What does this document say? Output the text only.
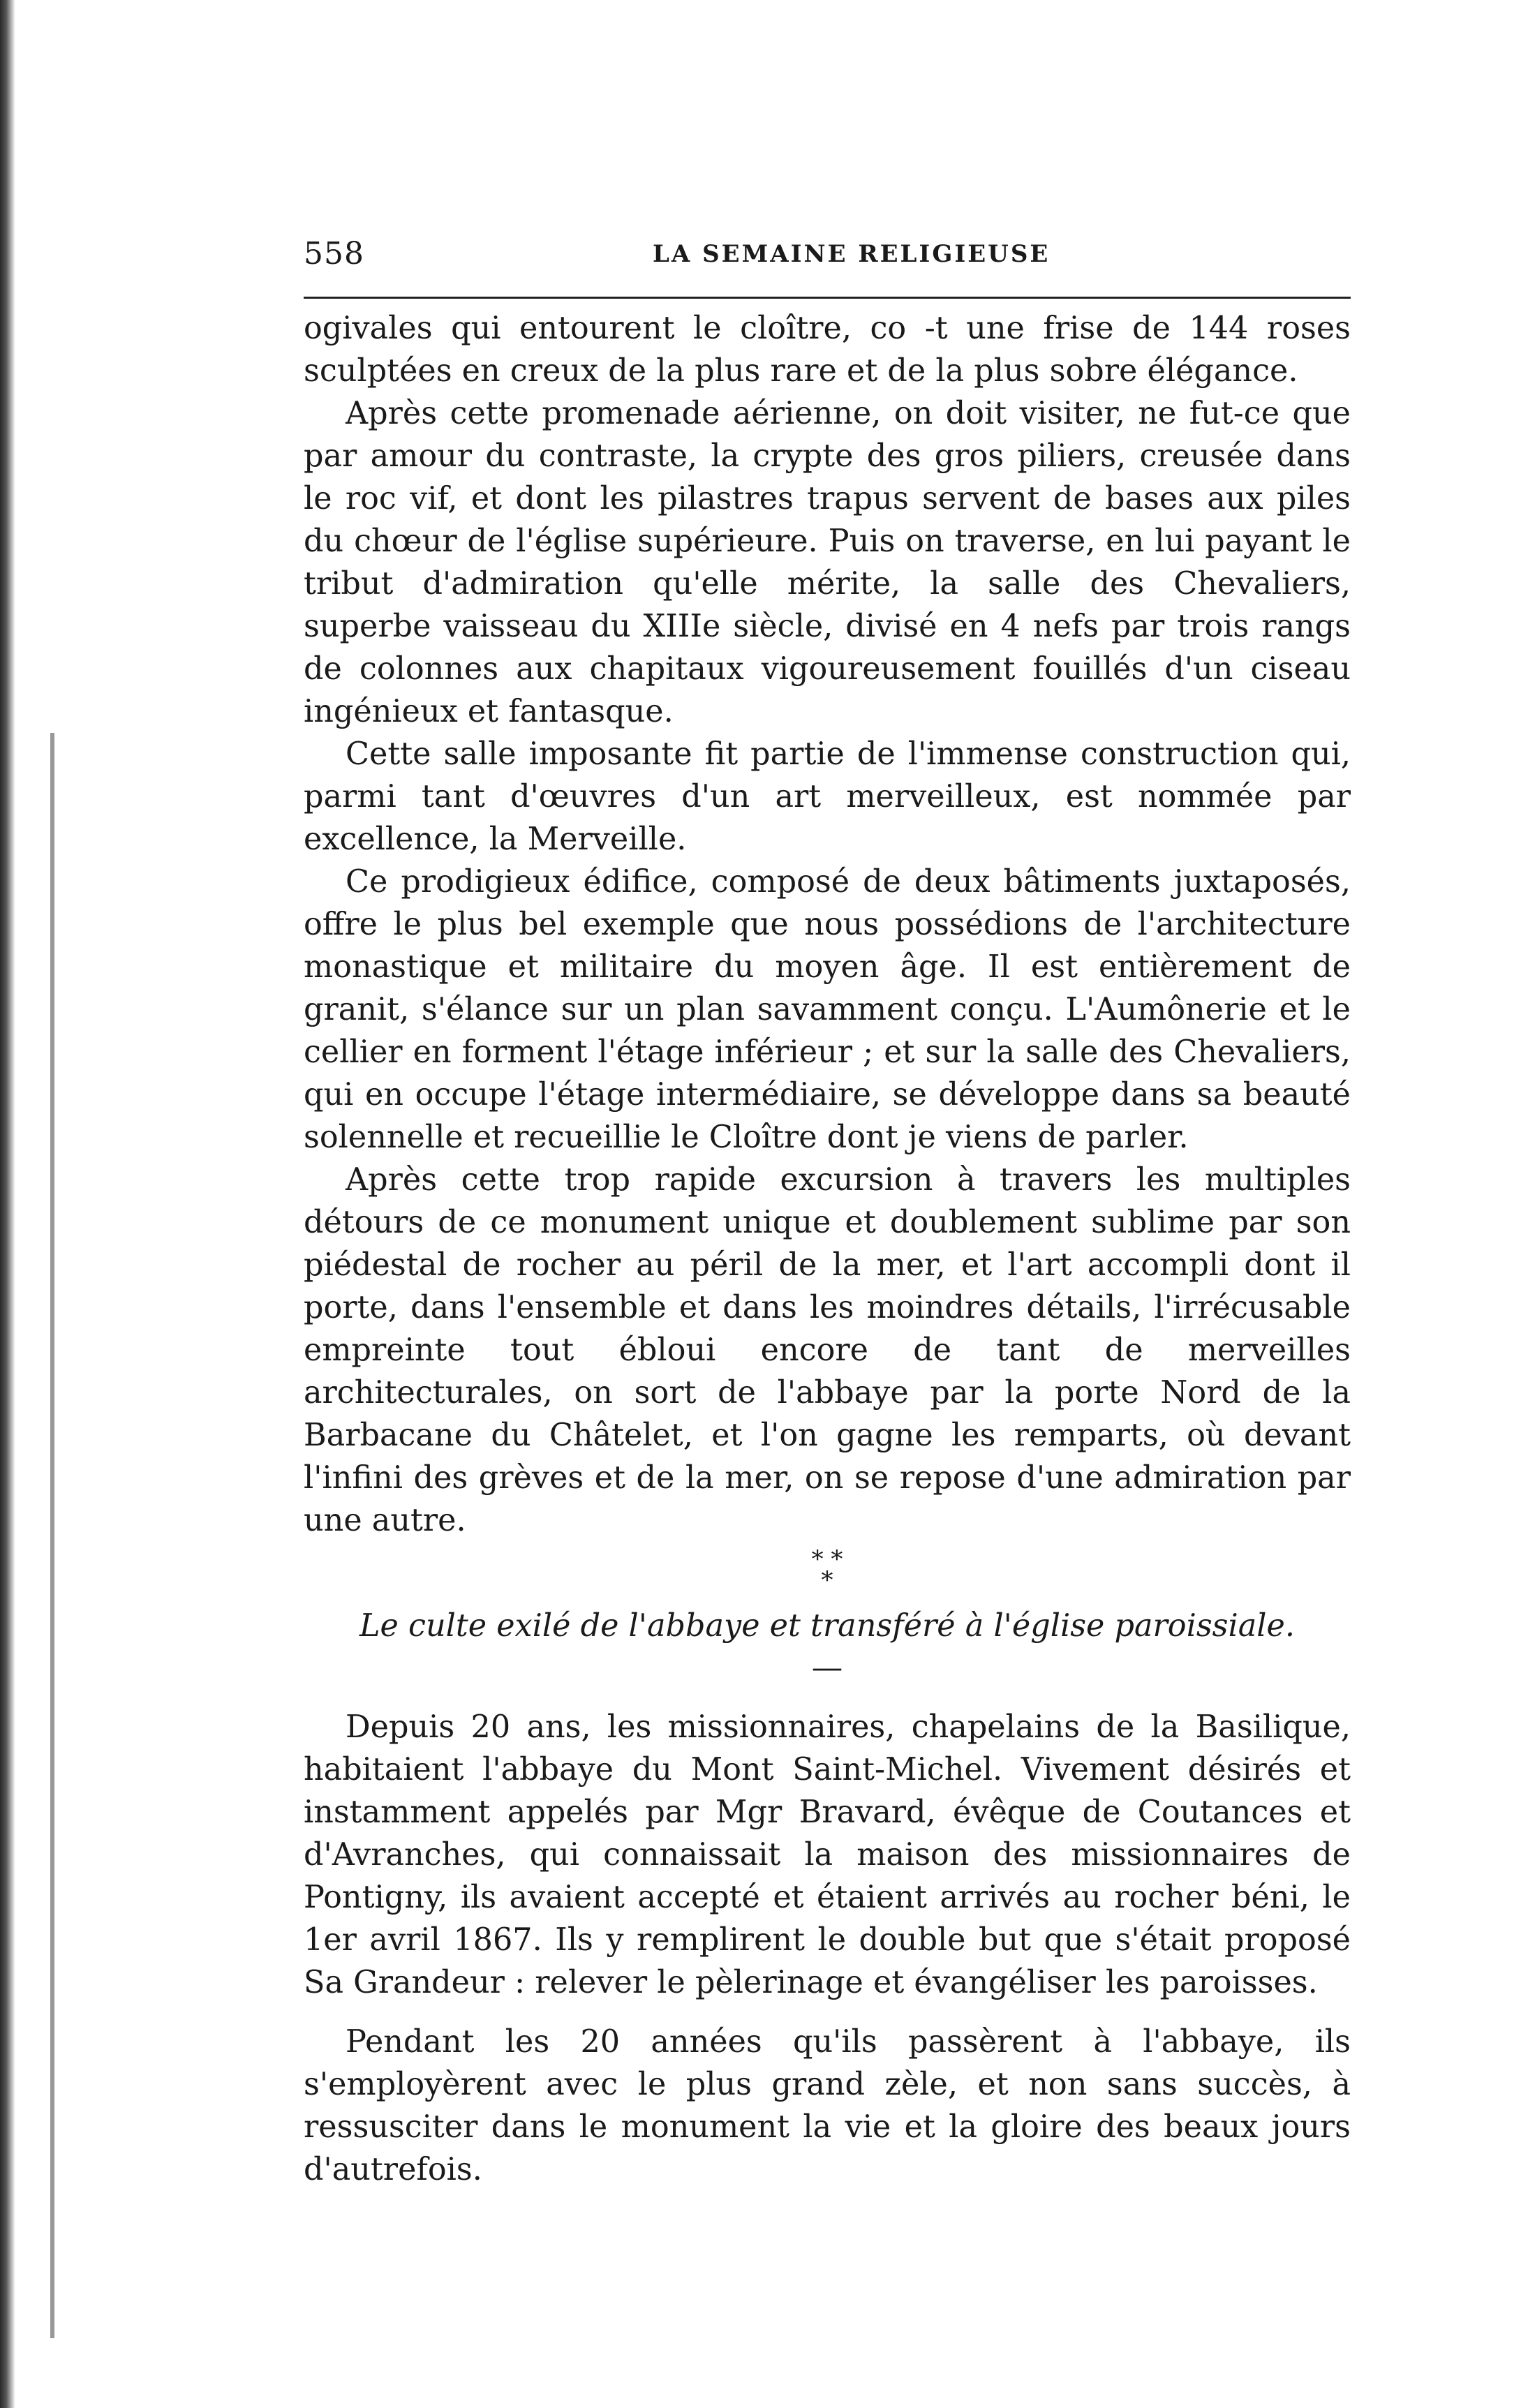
558	LA SEMAINE RELIGIEUSE

ogivales qui entourent le cloître, co -t une frise de 144 roses sculptées en creux de la plus rare et de la plus sobre élégance.

Après cette promenade aérienne, on doit visiter, ne fut-ce que par amour du contraste, la crypte des gros piliers, creusée dans le roc vif, et dont les pilastres trapus servent de bases aux piles du chœur de l'église supérieure. Puis on traverse, en lui payant le tribut d'admiration qu'elle mérite, la salle des Chevaliers, superbe vaisseau du XIIIe siècle, divisé en 4 nefs par trois rangs de colonnes aux chapitaux vigoureusement fouillés d'un ciseau ingénieux et fantasque.

Cette salle imposante fit partie de l'immense construction qui, parmi tant d'œuvres d'un art merveilleux, est nommée par excellence, la Merveille.

Ce prodigieux édifice, composé de deux bâtiments juxtaposés, offre le plus bel exemple que nous possédions de l'architecture monastique et militaire du moyen âge. Il est entièrement de granit, s'élance sur un plan savamment conçu. L'Aumônerie et le cellier en forment l'étage inférieur ; et sur la salle des Chevaliers, qui en occupe l'étage intermédiaire, se développe dans sa beauté solennelle et recueillie le Cloître dont je viens de parler.

Après cette trop rapide excursion à travers les multiples détours de ce monument unique et doublement sublime par son piédestal de rocher au péril de la mer, et l'art accompli dont il porte, dans l'ensemble et dans les moindres détails, l'irrécusable empreinte tout ébloui encore de tant de merveilles architecturales, on sort de l'abbaye par la porte Nord de la Barbacane du Châtelet, et l'on gagne les remparts, où devant l'infini des grèves et de la mer, on se repose d'une admiration par une autre.

* *
*
Le culte exilé de l'abbaye et transféré à l'église paroissiale.
—

Depuis 20 ans, les missionnaires, chapelains de la Basilique, habitaient l'abbaye du Mont Saint-Michel. Vivement désirés et instamment appelés par Mgr Bravard, évêque de Coutances et d'Avranches, qui connaissait la maison des missionnaires de Pontigny, ils avaient accepté et étaient arrivés au rocher béni, le 1er avril 1867. Ils y remplirent le double but que s'était proposé Sa Grandeur : relever le pèlerinage et évangéliser les paroisses.

Pendant les 20 années qu'ils passèrent à l'abbaye, ils s'employèrent avec le plus grand zèle, et non sans succès, à ressusciter dans le monument la vie et la gloire des beaux jours d'autrefois.
